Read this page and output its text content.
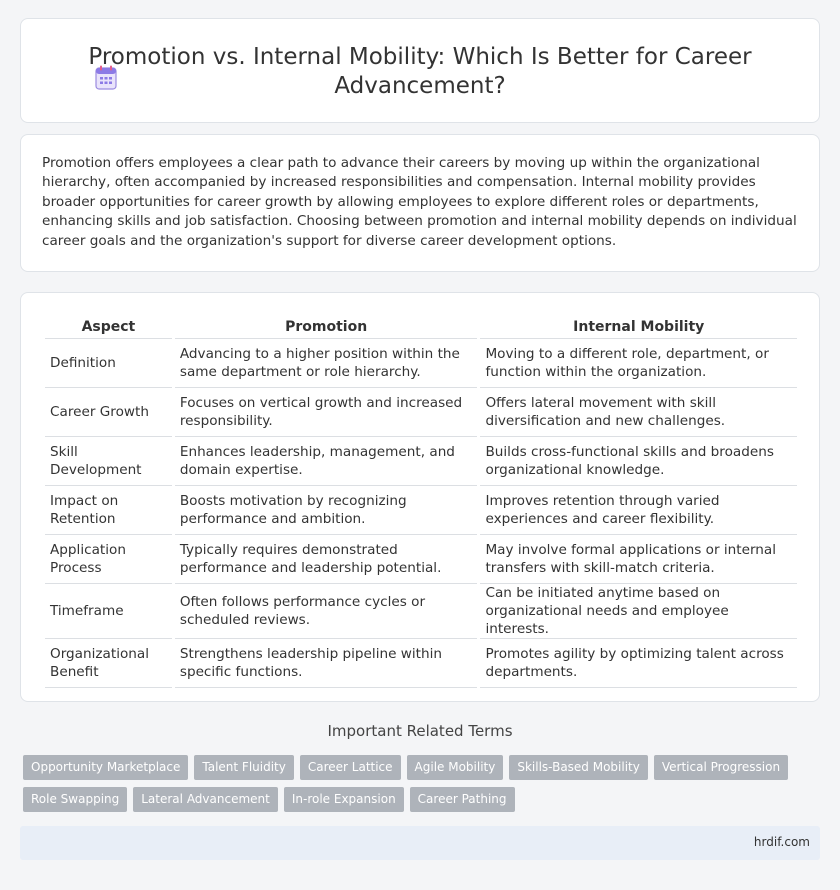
Promotion vs. Internal Mobility: Which Is Better for Career Advancement?

Promotion offers employees a clear path to advance their careers by moving up within the organizational hierarchy, often accompanied by increased responsibilities and compensation. Internal mobility provides broader opportunities for career growth by allowing employees to explore different roles or departments, enhancing skills and job satisfaction. Choosing between promotion and internal mobility depends on individual career goals and the organization's support for diverse career development options.

Aspect	Promotion	Internal Mobility
Definition	Advancing to a higher position within the same department or role hierarchy.	Moving to a different role, department, or function within the organization.
Career Growth	Focuses on vertical growth and increased responsibility.	Offers lateral movement with skill diversification and new challenges.
Skill Development	Enhances leadership, management, and domain expertise.	Builds cross-functional skills and broadens organizational knowledge.
Impact on Retention	Boosts motivation by recognizing performance and ambition.	Improves retention through varied experiences and career flexibility.
Application Process	Typically requires demonstrated performance and leadership potential.	May involve formal applications or internal transfers with skill-match criteria.
Timeframe	Often follows performance cycles or scheduled reviews.	Can be initiated anytime based on organizational needs and employee interests.
Organizational Benefit	Strengthens leadership pipeline within specific functions.	Promotes agility by optimizing talent across departments.
Important Related Terms
Opportunity Marketplace	Talent Fluidity	Career Lattice	Agile Mobility	Skills-Based Mobility	Vertical Progression
Role Swapping	Lateral Advancement	In-role Expansion	Career Pathing
hrdif.com
